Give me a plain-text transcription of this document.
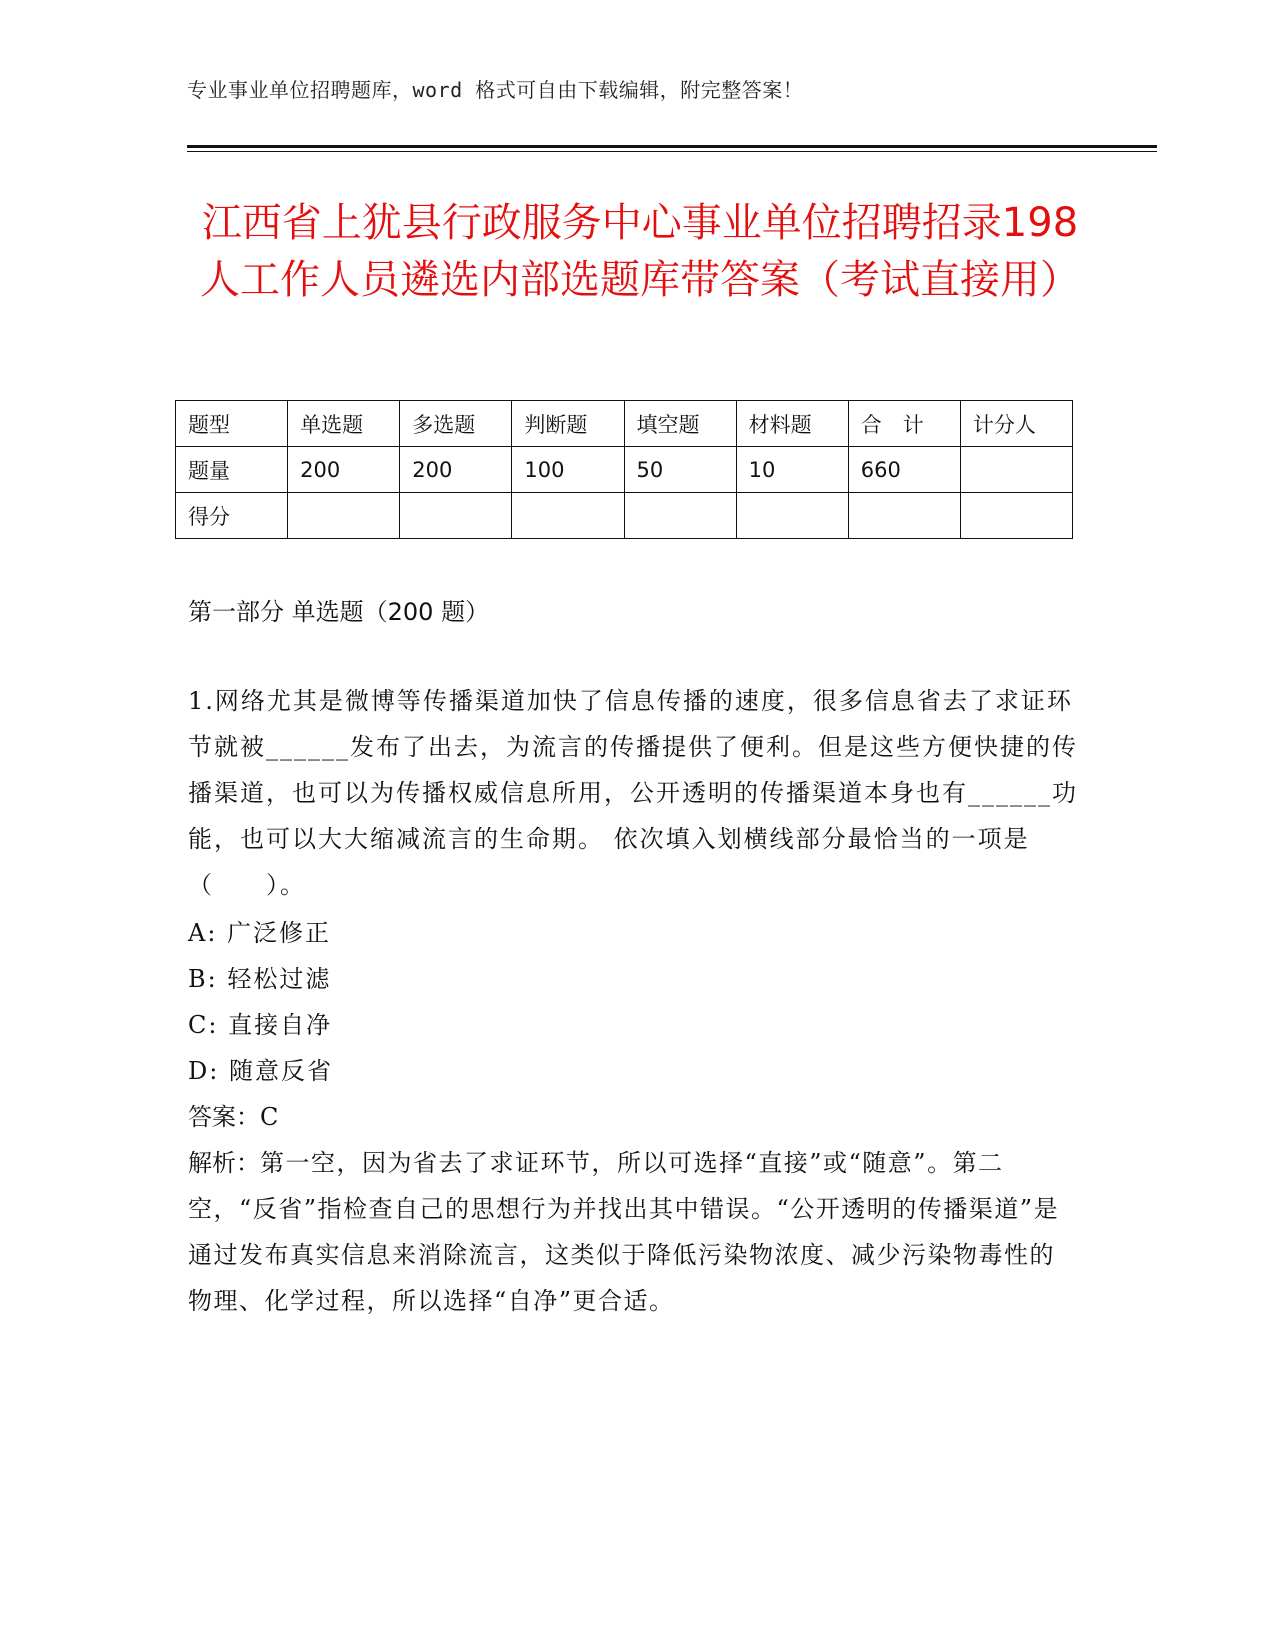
专业事业单位招聘题库，word 格式可自由下载编辑，附完整答案！
江西省上犹县行政服务中心事业单位招聘招录198人工作人员遴选内部选题库带答案（考试直接用）
题型	单选题	多选题	判断题	填空题	材料题	合　计	计分人
题量	200	200	100	50	10	660	
得分							
第一部分 单选题（200 题）

1.网络尤其是微博等传播渠道加快了信息传播的速度，很多信息省去了求证环节就被______发布了出去，为流言的传播提供了便利。但是这些方便快捷的传播渠道，也可以为传播权威信息所用，公开透明的传播渠道本身也有______功能，也可以大大缩减流言的生命期。 依次填入划横线部分最恰当的一项是（　　）。

A: 广泛修正
B: 轻松过滤
C: 直接自净
D: 随意反省
答案：C
解析：第一空，因为省去了求证环节，所以可选择“直接”或“随意”。第二空，“反省”指检查自己的思想行为并找出其中错误。“公开透明的传播渠道”是通过发布真实信息来消除流言，这类似于降低污染物浓度、减少污染物毒性的物理、化学过程，所以选择“自净”更合适。
